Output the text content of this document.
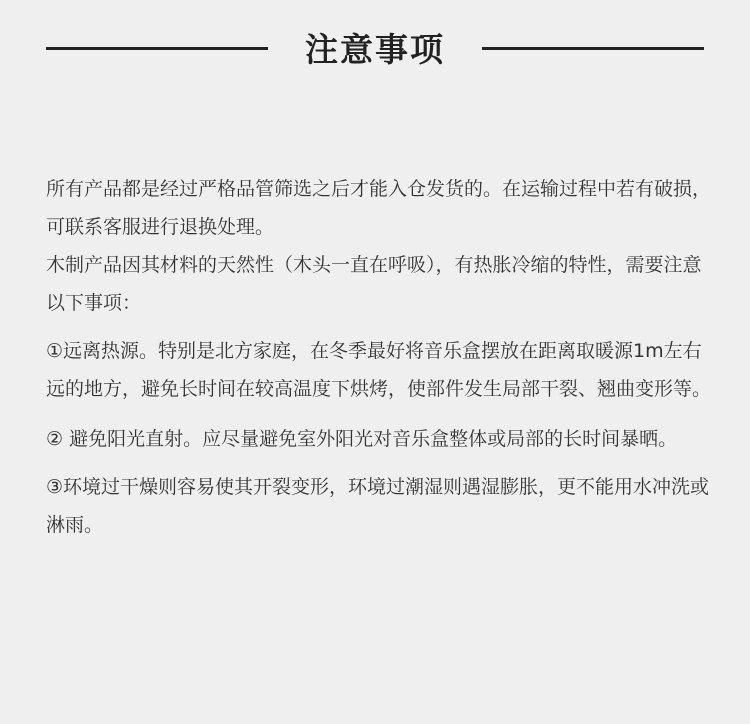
注意事项

所有产品都是经过严格品管筛选之后才能入仓发货的。在运输过程中若有破损，可联系客服进行退换处理。

木制产品因其材料的天然性（木头一直在呼吸），有热胀冷缩的特性，需要注意以下事项：

①远离热源。特别是北方家庭，在冬季最好将音乐盒摆放在距离取暖源1m左右远的地方，避免长时间在较高温度下烘烤，使部件发生局部干裂、翘曲变形等。

② 避免阳光直射。应尽量避免室外阳光对音乐盒整体或局部的长时间暴晒。

③环境过干燥则容易使其开裂变形，环境过潮湿则遇湿膨胀，更不能用水冲洗或淋雨。
